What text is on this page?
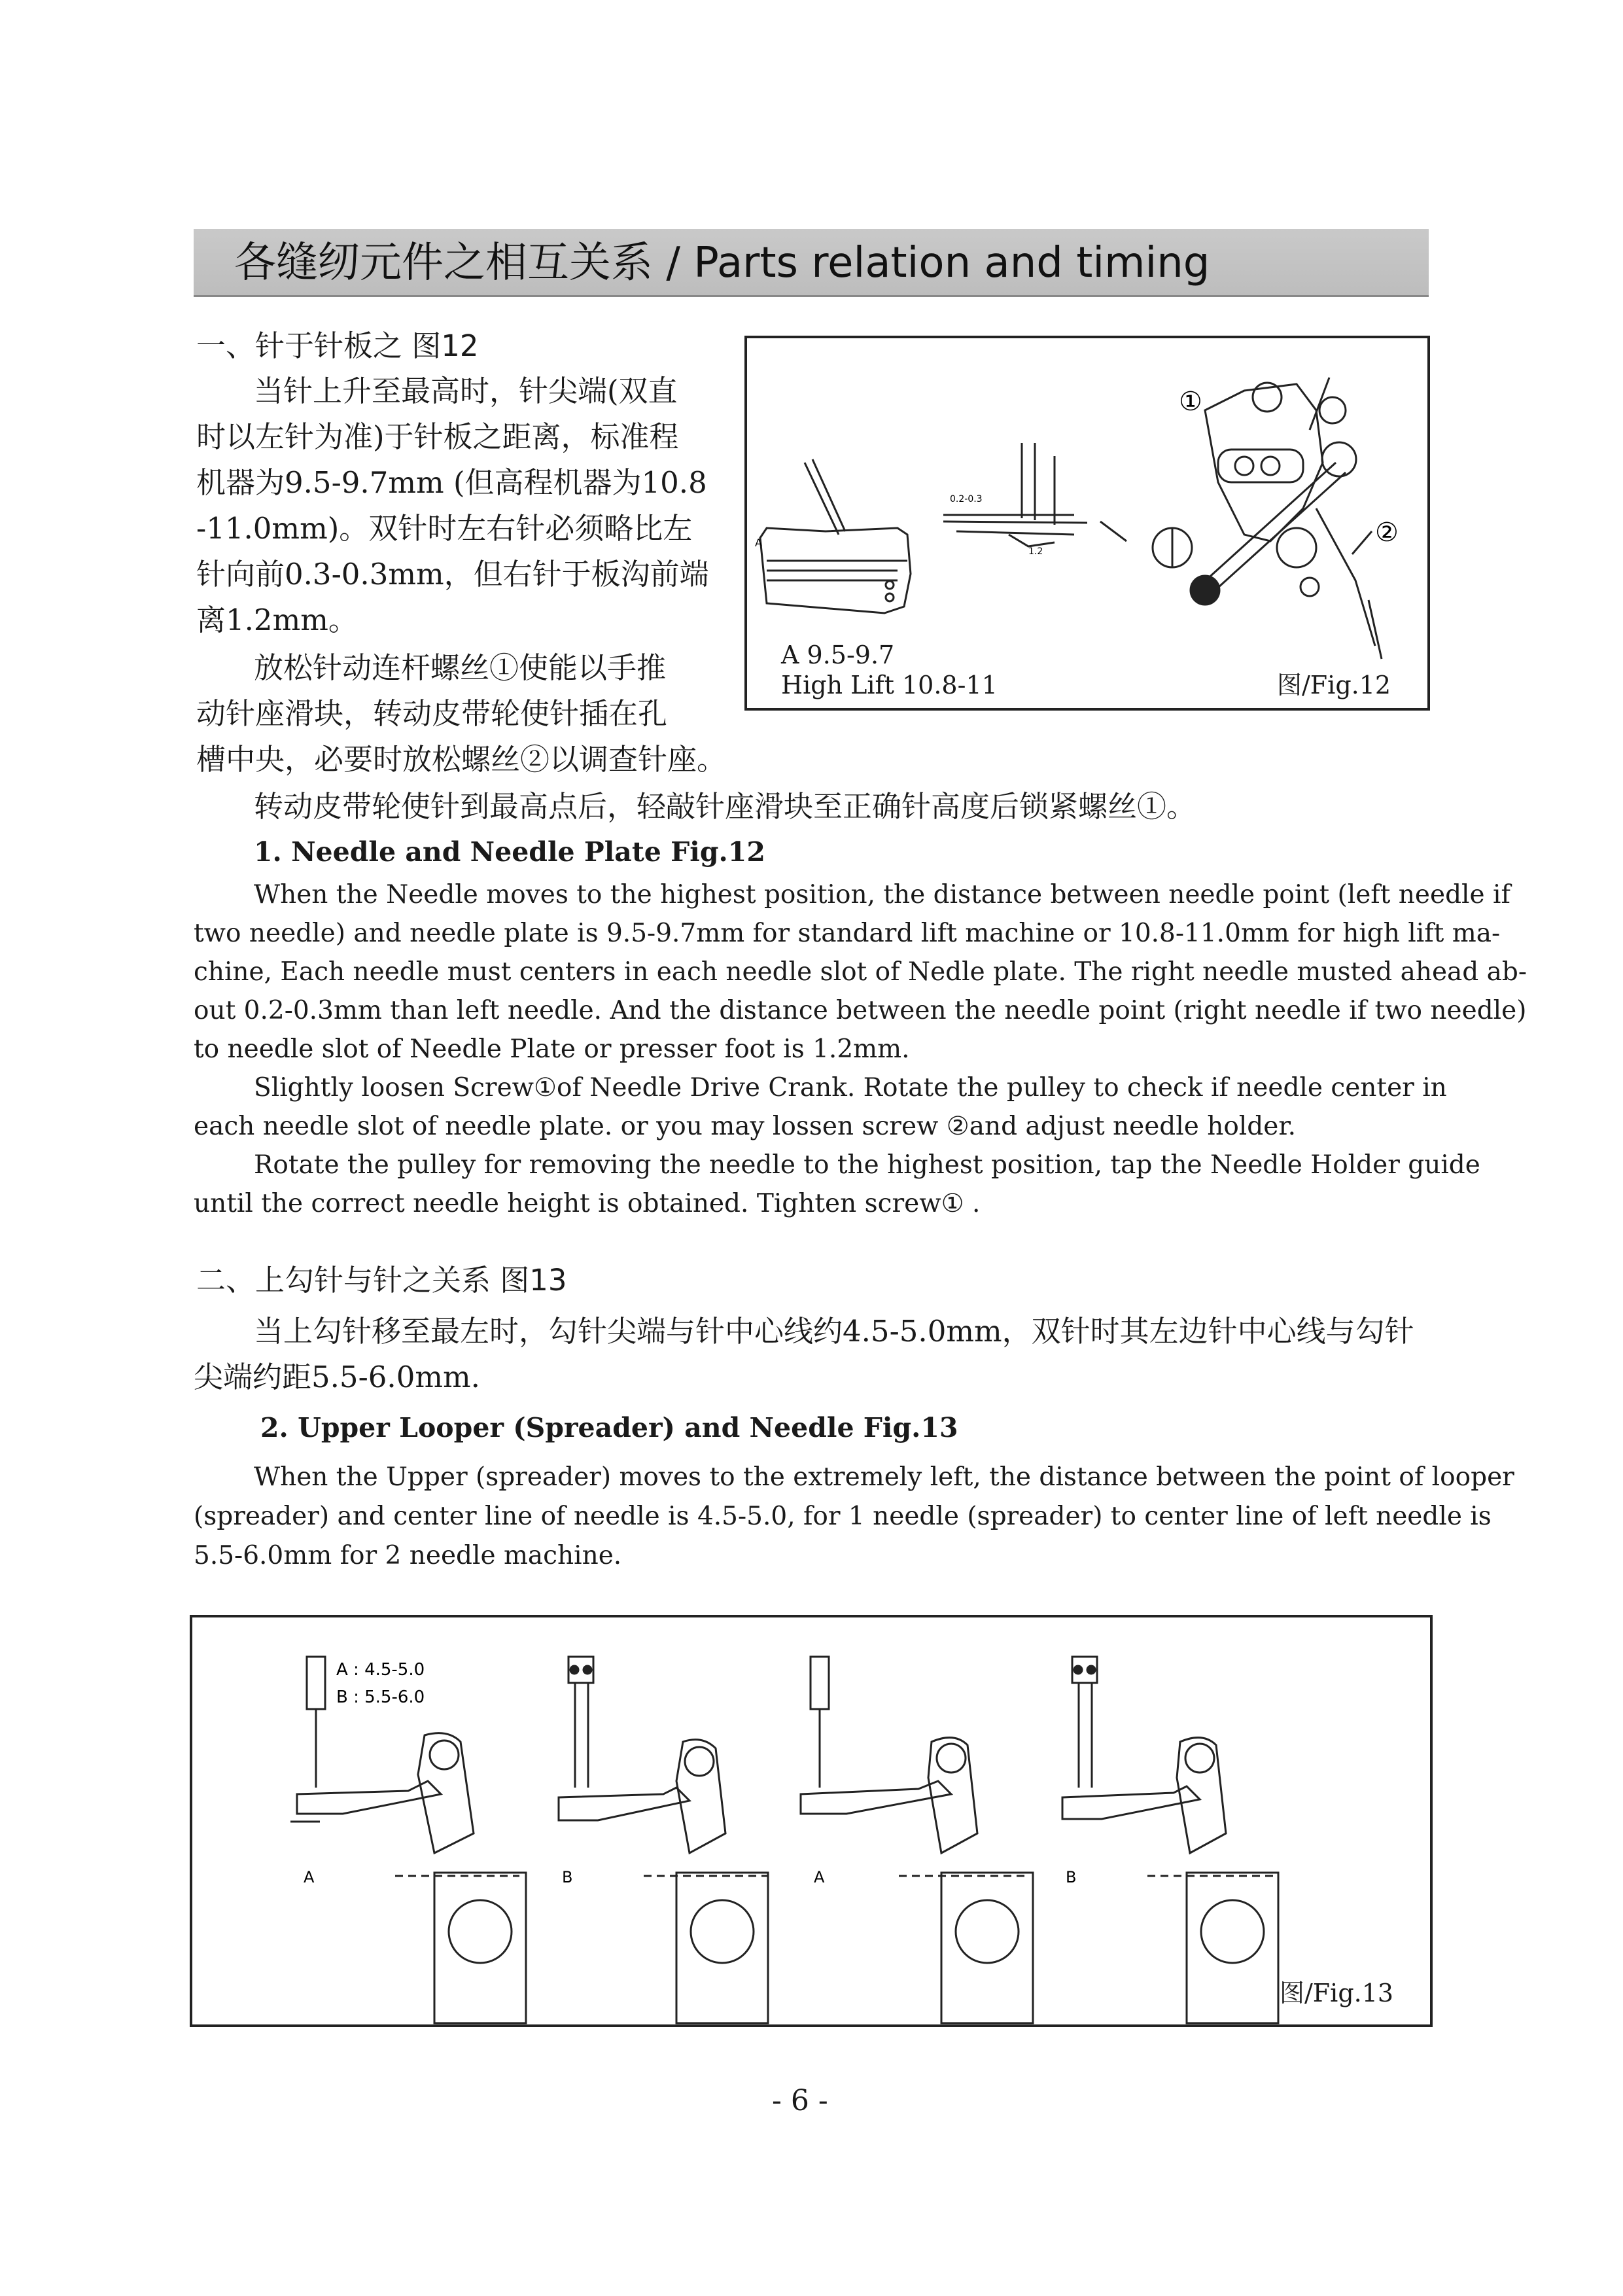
各缝纫元件之相互关系 / Parts relation and timing
一、针于针板之 图12
当针上升至最高时，针尖端(双直
时以左针为准)于针板之距离，标准程
机器为9.5-9.7mm (但高程机器为10.8
-11.0mm)。双针时左右针必须略比左
针向前0.3-0.3mm，但右针于板沟前端
离1.2mm。
放松针动连杆螺丝①使能以手推
动针座滑块，转动皮带轮使针插在孔
槽中央，必要时放松螺丝②以调查针座。
转动皮带轮使针到最高点后，轻敲针座滑块至正确针高度后锁紧螺丝①。
①
②
0.2-0.3
1.2
A
A 9.5-9.7
High Lift 10.8-11	图/Fig.12
1. Needle and Needle Plate Fig.12
When the Needle moves to the highest position, the distance between needle point (left needle if
two needle) and needle plate is 9.5-9.7mm for standard lift machine or 10.8-11.0mm for high lift ma-
chine, Each needle must centers in each needle slot of Nedle plate. The right needle musted ahead ab-
out 0.2-0.3mm than left needle. And the distance between the needle point (right needle if two needle)
to needle slot of Needle Plate or presser foot is 1.2mm.
Slightly loosen Screw①of Needle Drive Crank. Rotate the pulley to check if needle center in
each needle slot of needle plate. or you may lossen screw ②and adjust needle holder.
Rotate the pulley for removing the needle to the highest position, tap the Needle Holder guide
until the correct needle height is obtained. Tighten screw① .
二、上勾针与针之关系 图13
当上勾针移至最左时，勾针尖端与针中心线约4.5-5.0mm，双针时其左边针中心线与勾针
尖端约距5.5-6.0mm.
2. Upper Looper (Spreader) and Needle Fig.13
When the Upper (spreader) moves to the extremely left, the distance between the point of looper
(spreader) and center line of needle is 4.5-5.0, for 1 needle (spreader) to center line of left needle is
5.5-6.0mm for 2 needle machine.
A : 4.5-5.0
B : 5.5-6.0
A	B	A	B
图/Fig.13
- 6 -
